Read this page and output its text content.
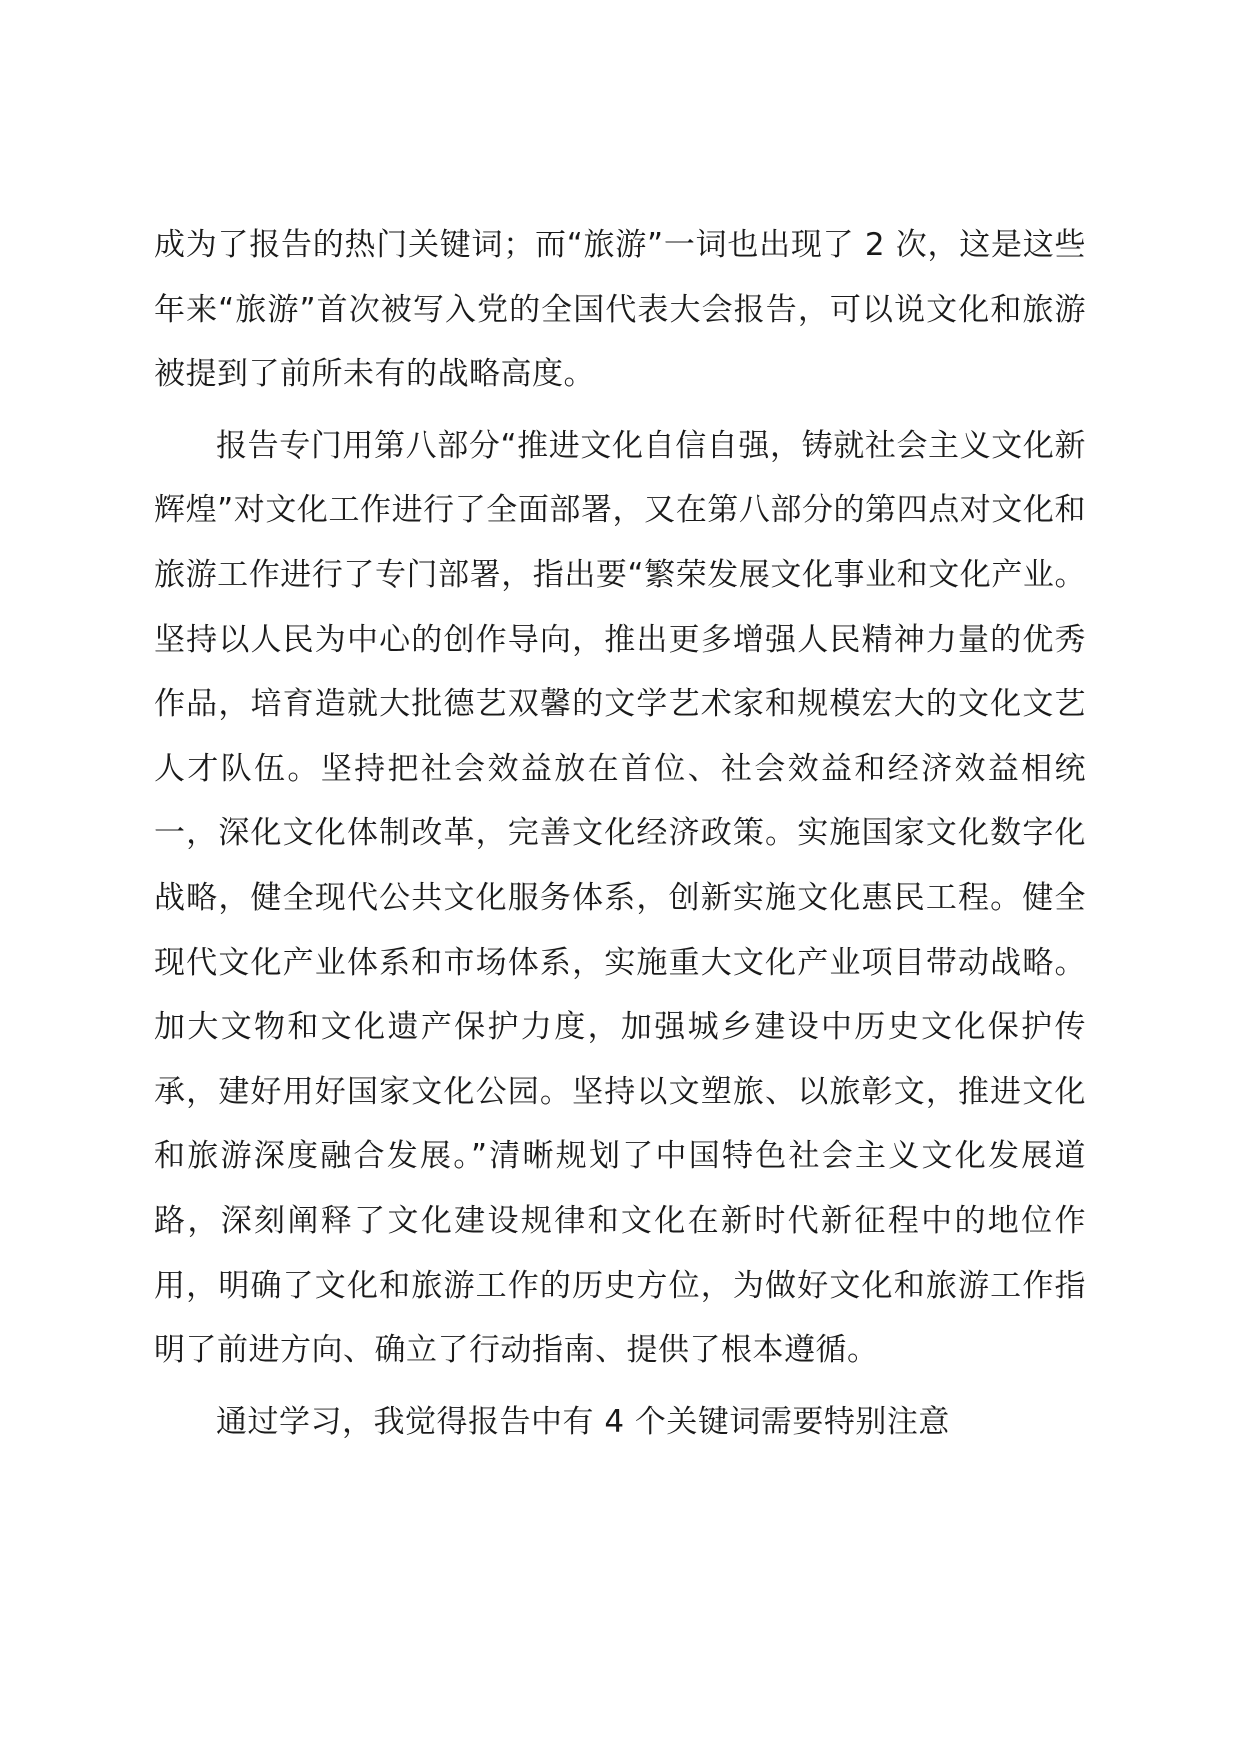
成为了报告的热门关键词；而“旅游”一词也出现了 2 次，这是这些年来“旅游”首次被写入党的全国代表大会报告，可以说文化和旅游被提到了前所未有的战略高度。

报告专门用第八部分“推进文化自信自强，铸就社会主义文化新辉煌”对文化工作进行了全面部署，又在第八部分的第四点对文化和旅游工作进行了专门部署，指出要“繁荣发展文化事业和文化产业。坚持以人民为中心的创作导向，推出更多增强人民精神力量的优秀作品，培育造就大批德艺双馨的文学艺术家和规模宏大的文化文艺人才队伍。坚持把社会效益放在首位、社会效益和经济效益相统一，深化文化体制改革，完善文化经济政策。实施国家文化数字化战略，健全现代公共文化服务体系，创新实施文化惠民工程。健全现代文化产业体系和市场体系，实施重大文化产业项目带动战略。加大文物和文化遗产保护力度，加强城乡建设中历史文化保护传承，建好用好国家文化公园。坚持以文塑旅、以旅彰文，推进文化和旅游深度融合发展。”清晰规划了中国特色社会主义文化发展道路，深刻阐释了文化建设规律和文化在新时代新征程中的地位作用，明确了文化和旅游工作的历史方位，为做好文化和旅游工作指明了前进方向、确立了行动指南、提供了根本遵循。

通过学习，我觉得报告中有 4 个关键词需要特别注意
